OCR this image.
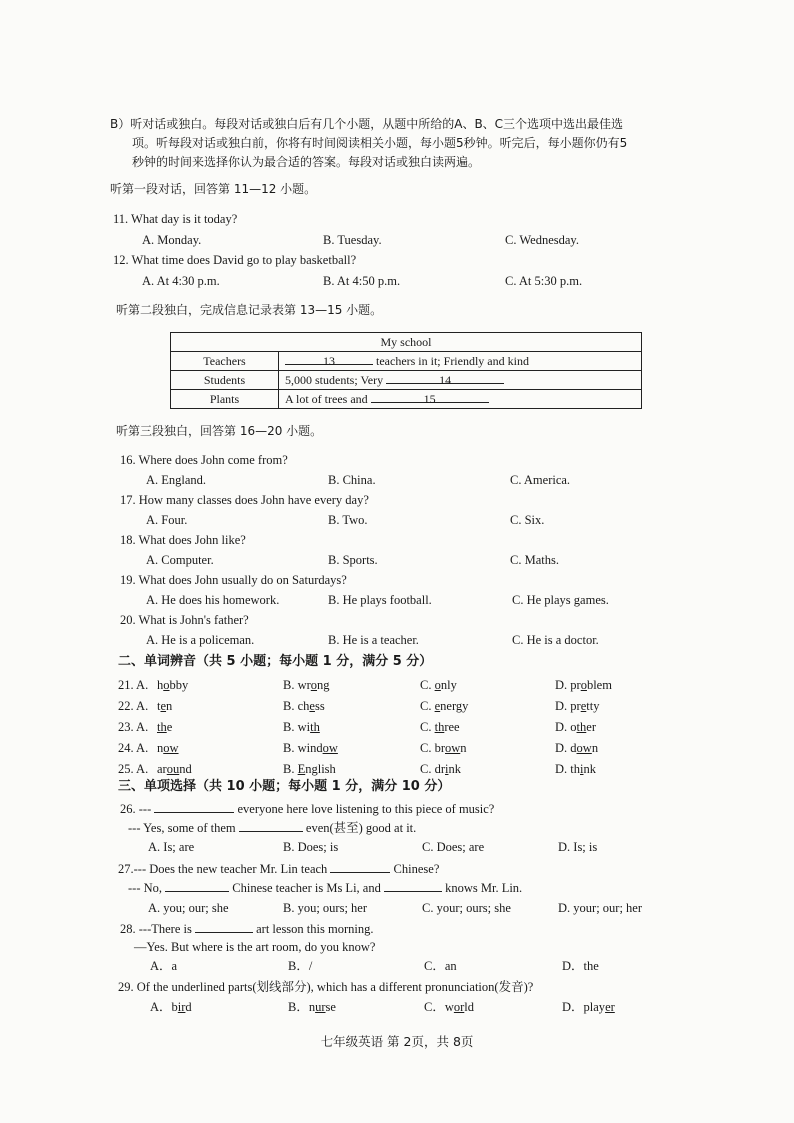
B）听对话或独白。每段对话或独白后有几个小题，从题中所给的A、B、C三个选项中选出最佳选
项。听每段对话或独白前，你将有时间阅读相关小题，每小题5秒钟。听完后，每小题你仍有5
秒钟的时间来选择你认为最合适的答案。每段对话或独白读两遍。
听第一段对话，回答第 11—12 小题。
11. What day is it today?
A. Monday.	B. Tuesday.	C. Wednesday.
12. What time does David go to play basketball?
A. At 4:30 p.m.	B. At 4:50 p.m.	C. At 5:30 p.m.
听第二段独白，完成信息记录表第 13—15 小题。
My school	
Teachers	13 teachers in it; Friendly and kind
Students	5,000 students; Very 14
Plants	A lot of trees and 15
听第三段独白，回答第 16—20 小题。
16. Where does John come from?
A. England.	B. China.	C. America.
17. How many classes does John have every day?
A. Four.	B. Two.	C. Six.
18. What does John like?
A. Computer.	B. Sports.	C. Maths.
19. What does John usually do on Saturdays?
A. He does his homework.	B. He plays football.	C. He plays games.
20. What is John's father?
A. He is a policeman.	B. He is a teacher.	C. He is a doctor.
二、单词辨音（共 5 小题；每小题 1 分，满分 5 分）
21. A. hobby	B. wrong	C. only	D. problem
22. A. ten	B. chess	C. energy	D. pretty
23. A. the	B. with	C. three	D. other
24. A. now	B. window	C. brown	D. down
25. A. around	B. English	C. drink	D. think
三、单项选择（共 10 小题；每小题 1 分，满分 10 分）
26. ---	everyone here love listening to this piece of music?
--- Yes, some of them	even(甚至) good at it.
A. Is; are	B. Does; is	C. Does; are	D. Is; is
27.--- Does the new teacher Mr. Lin teach	Chinese?
--- No,	Chinese teacher is Ms Li, and	knows Mr. Lin.
A. you; our; she	B. you; ours; her	C. your; ours; she	D. your; our; her
28. ---There is	art lesson this morning.
—Yes. But where is the art room, do you know?
A．a	B．/	C．an	D．the
29. Of the underlined parts(划线部分), which has a different pronunciation(发音)?
A．bird	B．nurse	C．world	D．player
七年级英语 第 2页，共 8页
